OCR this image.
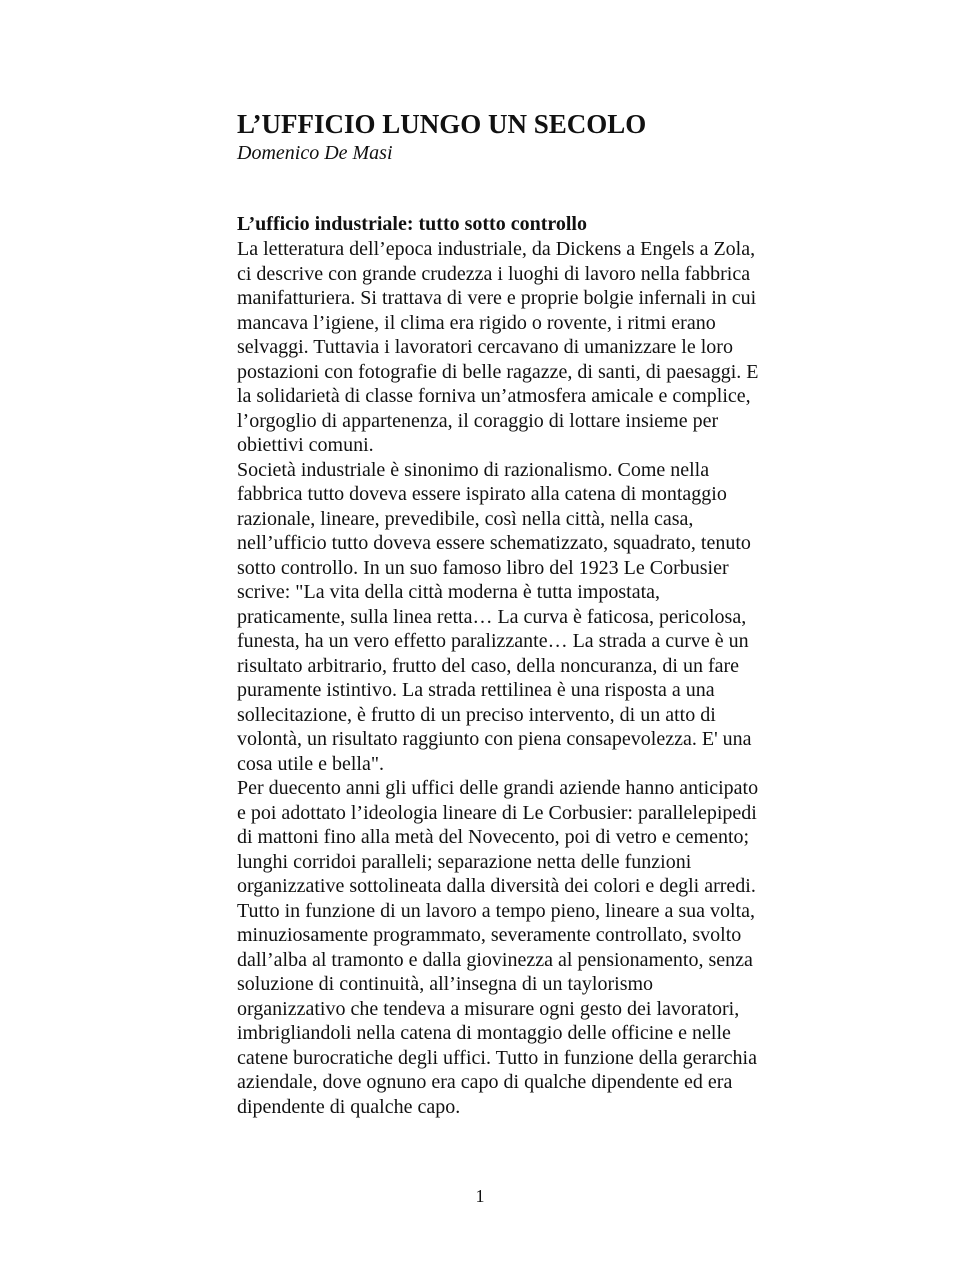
L’UFFICIO LUNGO UN SECOLO

Domenico De Masi

L’ufficio industriale: tutto sotto controllo

La letteratura dell’epoca industriale, da Dickens a Engels a Zola,
ci descrive con grande crudezza i luoghi di lavoro nella fabbrica
manifatturiera. Si trattava di vere e proprie bolgie infernali in cui
mancava l’igiene, il clima era rigido o rovente, i ritmi erano
selvaggi. Tuttavia i lavoratori cercavano di umanizzare le loro
postazioni con fotografie di belle ragazze, di santi, di paesaggi. E
la solidarietà di classe forniva un’atmosfera amicale e complice,
l’orgoglio di appartenenza, il coraggio di lottare insieme per
obiettivi comuni.

Società industriale è sinonimo di razionalismo. Come nella
fabbrica tutto doveva essere ispirato alla catena di montaggio
razionale, lineare, prevedibile, così nella città, nella casa,
nell’ufficio tutto doveva essere schematizzato, squadrato, tenuto
sotto controllo. In un suo famoso libro del 1923 Le Corbusier
scrive: "La vita della città moderna è tutta impostata,
praticamente, sulla linea retta… La curva è faticosa, pericolosa,
funesta, ha un vero effetto paralizzante… La strada a curve è un
risultato arbitrario, frutto del caso, della noncuranza, di un fare
puramente istintivo. La strada rettilinea è una risposta a una
sollecitazione, è frutto di un preciso intervento, di un atto di
volontà, un risultato raggiunto con piena consapevolezza. E' una
cosa utile e bella".

Per duecento anni gli uffici delle grandi aziende hanno anticipato
e poi adottato l’ideologia lineare di Le Corbusier: parallelepipedi
di mattoni fino alla metà del Novecento, poi di vetro e cemento;
lunghi corridoi paralleli; separazione netta delle funzioni
organizzative sottolineata dalla diversità dei colori e degli arredi.
Tutto in funzione di un lavoro a tempo pieno, lineare a sua volta,
minuziosamente programmato, severamente controllato, svolto
dall’alba al tramonto e dalla giovinezza al pensionamento, senza
soluzione di continuità, all’insegna di un taylorismo
organizzativo che tendeva a misurare ogni gesto dei lavoratori,
imbrigliandoli nella catena di montaggio delle officine e nelle
catene burocratiche degli uffici. Tutto in funzione della gerarchia
aziendale, dove ognuno era capo di qualche dipendente ed era
dipendente di qualche capo.

1
